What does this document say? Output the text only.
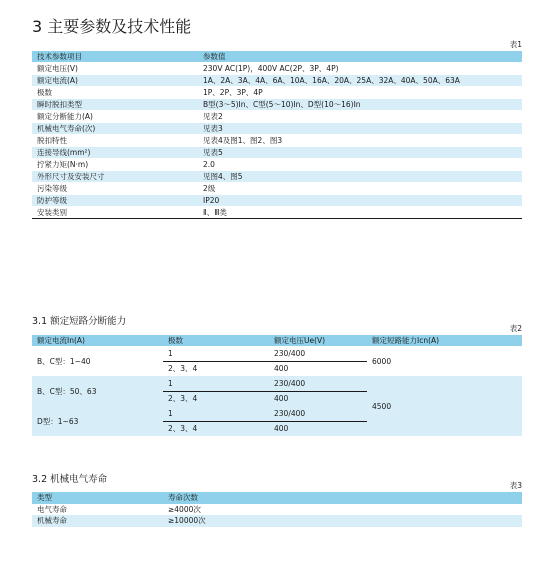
3 主要参数及技术性能
表1
技术参数项目	参数值
额定电压(V)	230V AC(1P)，400V AC(2P、3P、4P)
额定电流(A)	1A、2A、3A、4A、6A、10A、16A、20A、25A、32A、40A、50A、63A
极数	1P、2P、3P、4P
瞬时脱扣类型	B型(3～5)In、C型(5～10)In、D型(10～16)In
额定分断能力(A)	见表2
机械电气寿命(次)	见表3
脱扣特性	见表4及图1、图2、图3
连接导线(mm²)	见表5
拧紧力矩(N·m)	2.0
外形尺寸及安装尺寸	见图4、图5
污染等级	2级
防护等级	IP20
安装类别	Ⅱ、Ⅲ类
3.1 额定短路分断能力
表2
额定电流In(A)	极数	额定电压Ue(V)	额定短路能力Icn(A)
B、C型：1~40	1	230/400	6000
	2、3、4	400	
B、C型：50、63	1	230/400	4500
	2、3、4	400	
D型：1~63	1	230/400	
	2、3、4	400	
3.2 机械电气寿命
表3
类型	寿命次数
电气寿命	≥4000次
机械寿命	≥10000次
